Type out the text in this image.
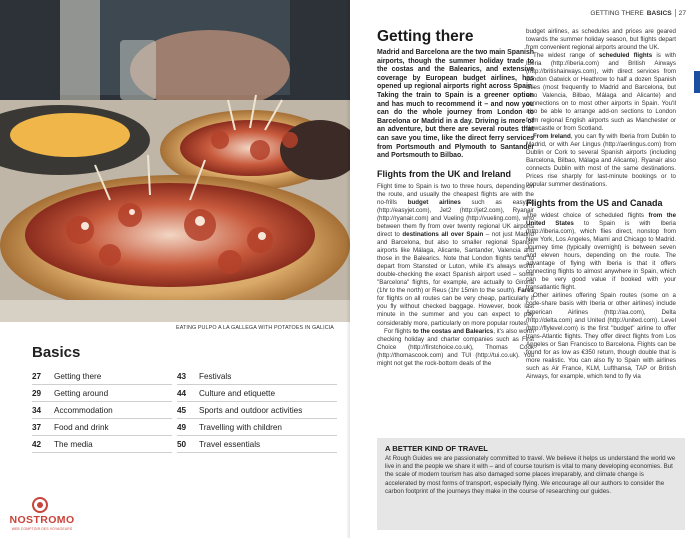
EATING PULPO A LA GALLEGA WITH POTATOES IN GALICIA
Basics
27	Getting there
29	Getting around
34	Accommodation
37	Food and drink
42	The media
43	Festivals
44	Culture and etiquette
45	Sports and outdoor activities
49	Travelling with children
50	Travel essentials
NOSTROMO
WEB COMPTOIR DES VOYAGEURS
GETTING THERE BASICS 27
Getting there
Madrid and Barcelona are the two main Spanish airports, though the summer holiday trade to the costas and the Balearics, and extensive coverage by European budget airlines, has opened up regional airports right across Spain. Taking the train to Spain is a greener option and has much to recommend it – and now you can do the whole journey from London to Barcelona or Madrid in a day. Driving is more of an adventure, but there are several routes that can save you time, like the direct ferry services from Portsmouth and Plymouth to Santander and Portsmouth to Bilbao.
Flights from the UK and Ireland
Flight time to Spain is two to three hours, depending on the route, and usually the cheapest flights are with the no-frills budget airlines such as easyJet (http://easyjet.com), Jet2 (http://jet2.com), Ryanair (http://ryanair.com) and Vueling (http://vueling.com), who between them fly from over twenty regional UK airports direct to destinations all over Spain – not just Madrid and Barcelona, but also to smaller regional Spanish airports like Málaga, Alicante, Santander, Valencia and those in the Balearics. Note that London flights tend to depart from Stansted or Luton, while it's always worth double-checking the exact Spanish airport used – some "Barcelona" flights, for example, are actually to Girona (1hr to the north) or Reus (1hr 15min to the south). Fares for flights on all routes can be very cheap, particularly if you fly without checked baggage. However, book last minute in the summer and you can expect to pay considerably more, particularly on more popular routes.
For flights to the costas and Balearics, it's also worth checking holiday and charter companies such as First Choice (http://firstchoice.co.uk), Thomas Cook (http://thomascook.com) and TUI (http://tui.co.uk). You might not get the rock-bottom deals of the
budget airlines, as schedules and prices are geared towards the summer holiday season, but flights depart from convenient regional airports around the UK.
The widest range of scheduled flights is with Iberia (http://iberia.com) and British Airways (http://britishairways.com), with direct services from London Gatwick or Heathrow to half a dozen Spanish cities (most frequently to Madrid and Barcelona, but also Valencia, Bilbao, Málaga and Alicante) and connections on to most other airports in Spain. You'll also be able to arrange add-on sections to London from regional English airports such as Manchester or Newcastle or from Scotland.
From Ireland, you can fly with Iberia from Dublin to Madrid, or with Aer Lingus (http://aerlingus.com) from Dublin or Cork to several Spanish airports (including Barcelona, Bilbao, Málaga and Alicante). Ryanair also connects Dublin with most of the same destinations. Prices rise sharply for last-minute bookings or to popular summer destinations.
Flights from the US and Canada
The widest choice of scheduled flights from the United States to Spain is with Iberia (http://iberia.com), which flies direct, nonstop from New York, Los Angeles, Miami and Chicago to Madrid. Journey time (typically overnight) is between seven and eleven hours, depending on the route. The advantage of flying with Iberia is that it offers connecting flights to almost anywhere in Spain, which can be very good value if booked with your transatlantic flight.
Other airlines offering Spain routes (some on a code-share basis with Iberia or other airlines) include American Airlines (http://aa.com), Delta (http://delta.com) and United (http://united.com). Level (http://flylevel.com) is the first "budget" airline to offer trans-Atlantic flights. They offer direct flights from Los Angeles or San Francisco to Barcelona. Flights can be found for as low as €350 return, though double that is more realistic. You can also fly to Spain with airlines such as Air France, KLM, Lufthansa, TAP or British Airways, for example, which tend to fly via
A BETTER KIND OF TRAVEL
At Rough Guides we are passionately committed to travel. We believe it helps us understand the world we live in and the people we share it with – and of course tourism is vital to many developing economies. But the scale of modern tourism has also damaged some places irreparably, and climate change is accelerated by most forms of transport, especially flying. We encourage all our authors to consider the carbon footprint of the journeys they make in the course of researching our guides.
